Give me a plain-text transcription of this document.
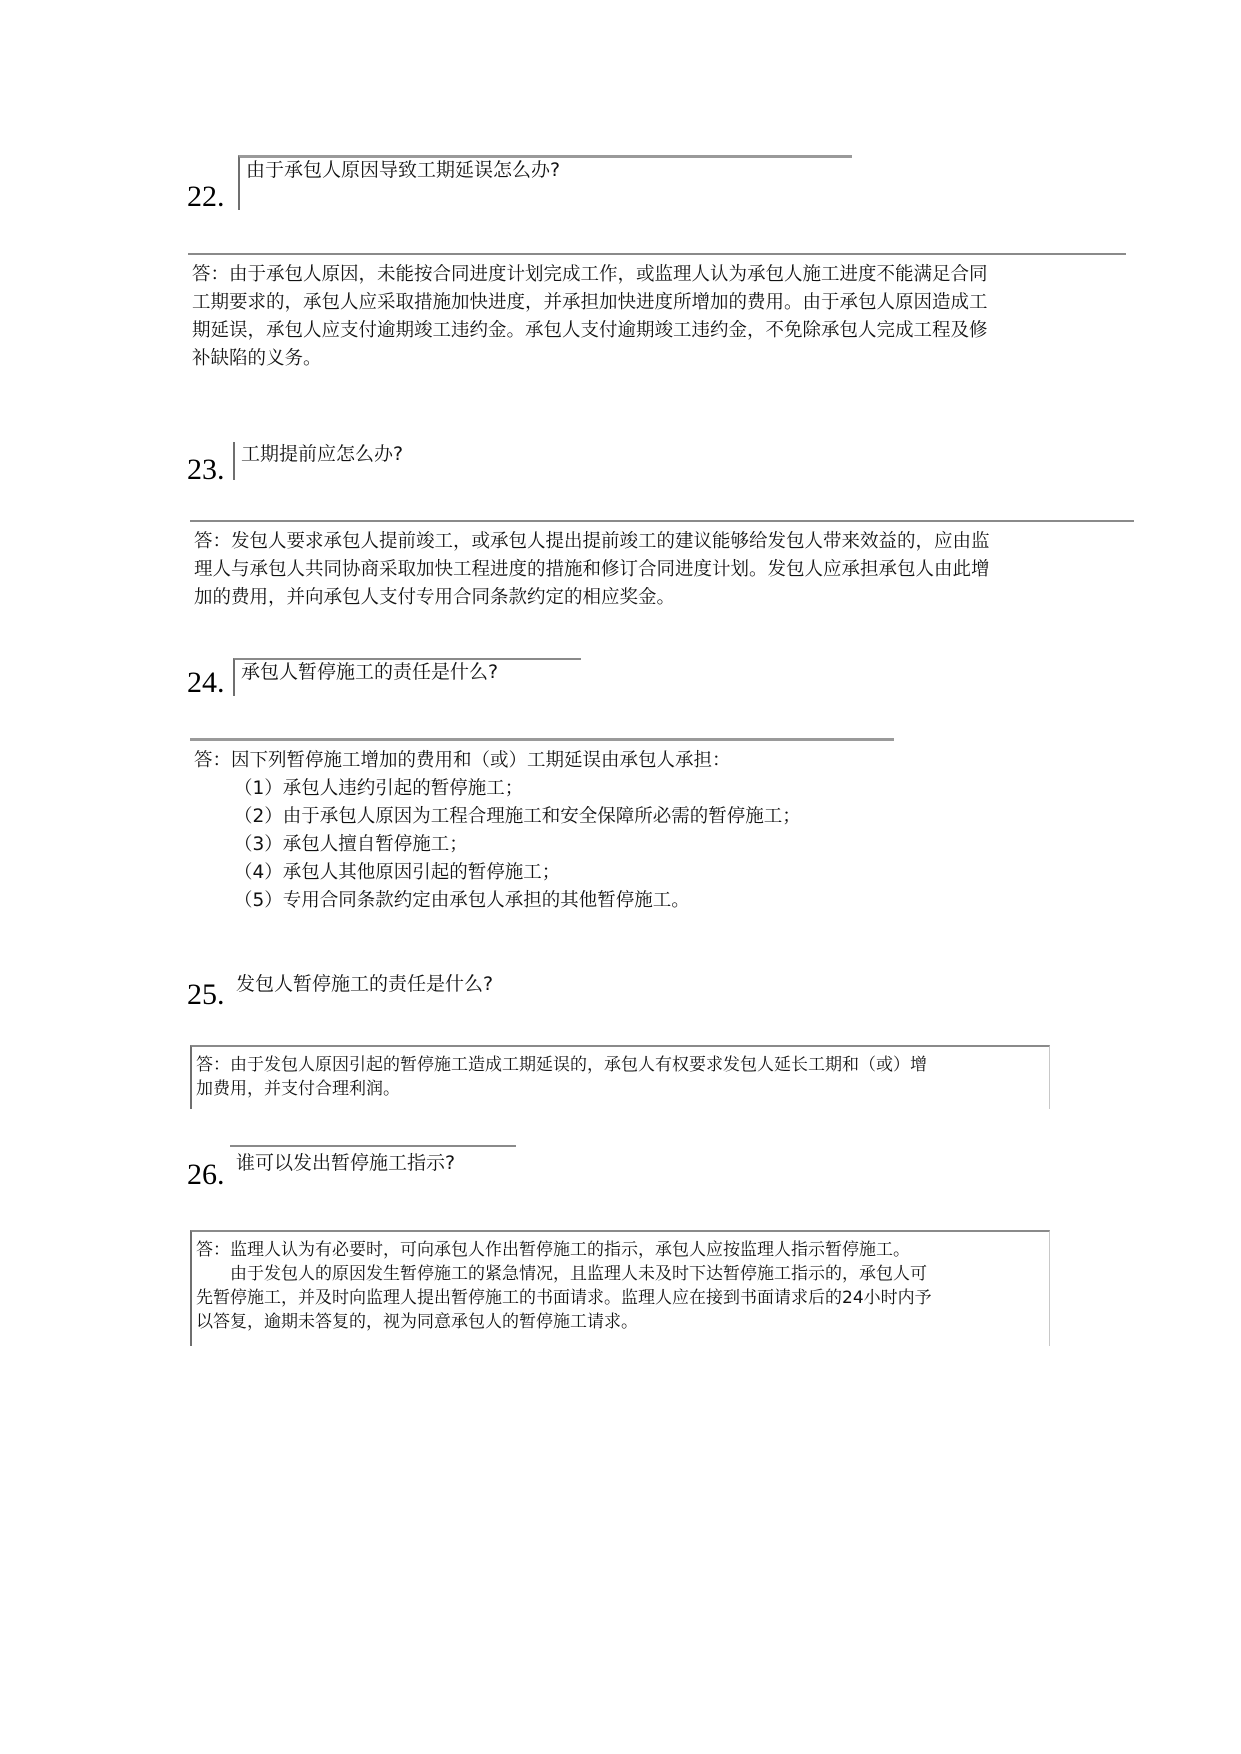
22.
由于承包人原因导致工期延误怎么办?
答：由于承包人原因，未能按合同进度计划完成工作，或监理人认为承包人施工进度不能满足合同
工期要求的，承包人应采取措施加快进度，并承担加快进度所增加的费用。由于承包人原因造成工
期延误，承包人应支付逾期竣工违约金。承包人支付逾期竣工违约金，不免除承包人完成工程及修
补缺陷的义务。
23. 工期提前应怎么办?
答：发包人要求承包人提前竣工，或承包人提出提前竣工的建议能够给发包人带来效益的，应由监
理人与承包人共同协商采取加快工程进度的措施和修订合同进度计划。发包人应承担承包人由此增
加的费用，并向承包人支付专用合同条款约定的相应奖金。
24. 承包人暂停施工的责任是什么?
答：因下列暂停施工增加的费用和（或）工期延误由承包人承担：
（1）承包人违约引起的暂停施工；
（2）由于承包人原因为工程合理施工和安全保障所必需的暂停施工；
（3）承包人擅自暂停施工；
（4）承包人其他原因引起的暂停施工；
（5）专用合同条款约定由承包人承担的其他暂停施工。
25. 发包人暂停施工的责任是什么?
答：由于发包人原因引起的暂停施工造成工期延误的，承包人有权要求发包人延长工期和（或）增
加费用，并支付合理利润。
26. 谁可以发出暂停施工指示?
答：监理人认为有必要时，可向承包人作出暂停施工的指示，承包人应按监理人指示暂停施工。
由于发包人的原因发生暂停施工的紧急情况，且监理人未及时下达暂停施工指示的，承包人可
先暂停施工，并及时向监理人提出暂停施工的书面请求。监理人应在接到书面请求后的24小时内予
以答复，逾期未答复的，视为同意承包人的暂停施工请求。
